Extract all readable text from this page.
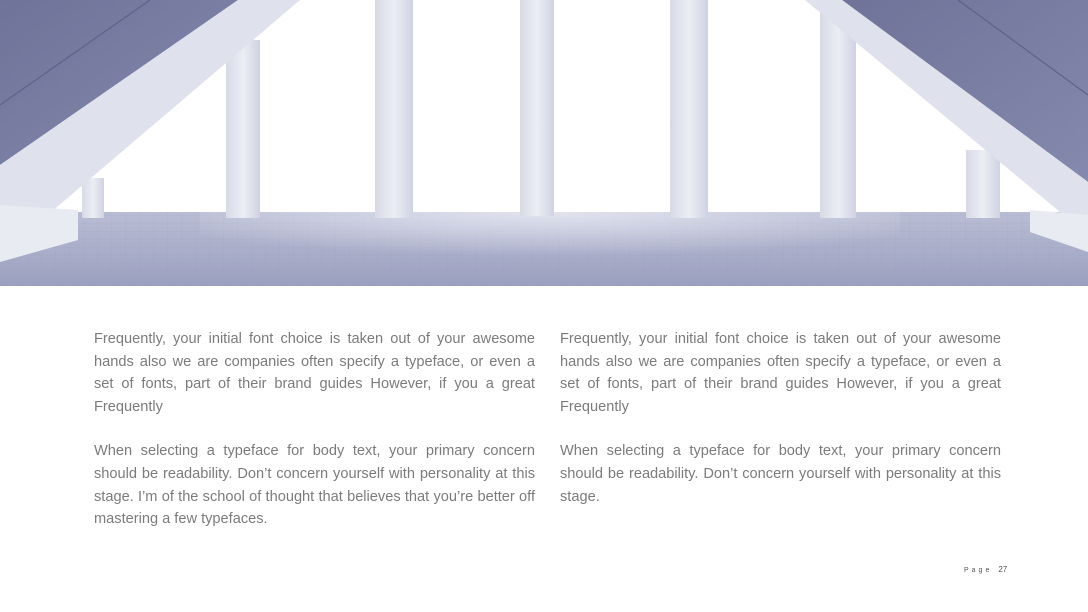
Frequently, your initial font choice is taken out of your awesome hands also we are companies often specify a typeface, or even a set of fonts, part of their brand guides However, if you a great Frequently

When selecting a typeface for body text, your primary concern should be readability. Don’t concern yourself with personality at this stage. I’m of the school of thought that believes that you’re better off mastering a few typefaces.

Frequently, your initial font choice is taken out of your awesome hands also we are companies often specify a typeface, or even a set of fonts, part of their brand guides However, if you a great Frequently

When selecting a typeface for body text, your primary concern should be readability. Don’t concern yourself with personality at this stage.

Page 27
